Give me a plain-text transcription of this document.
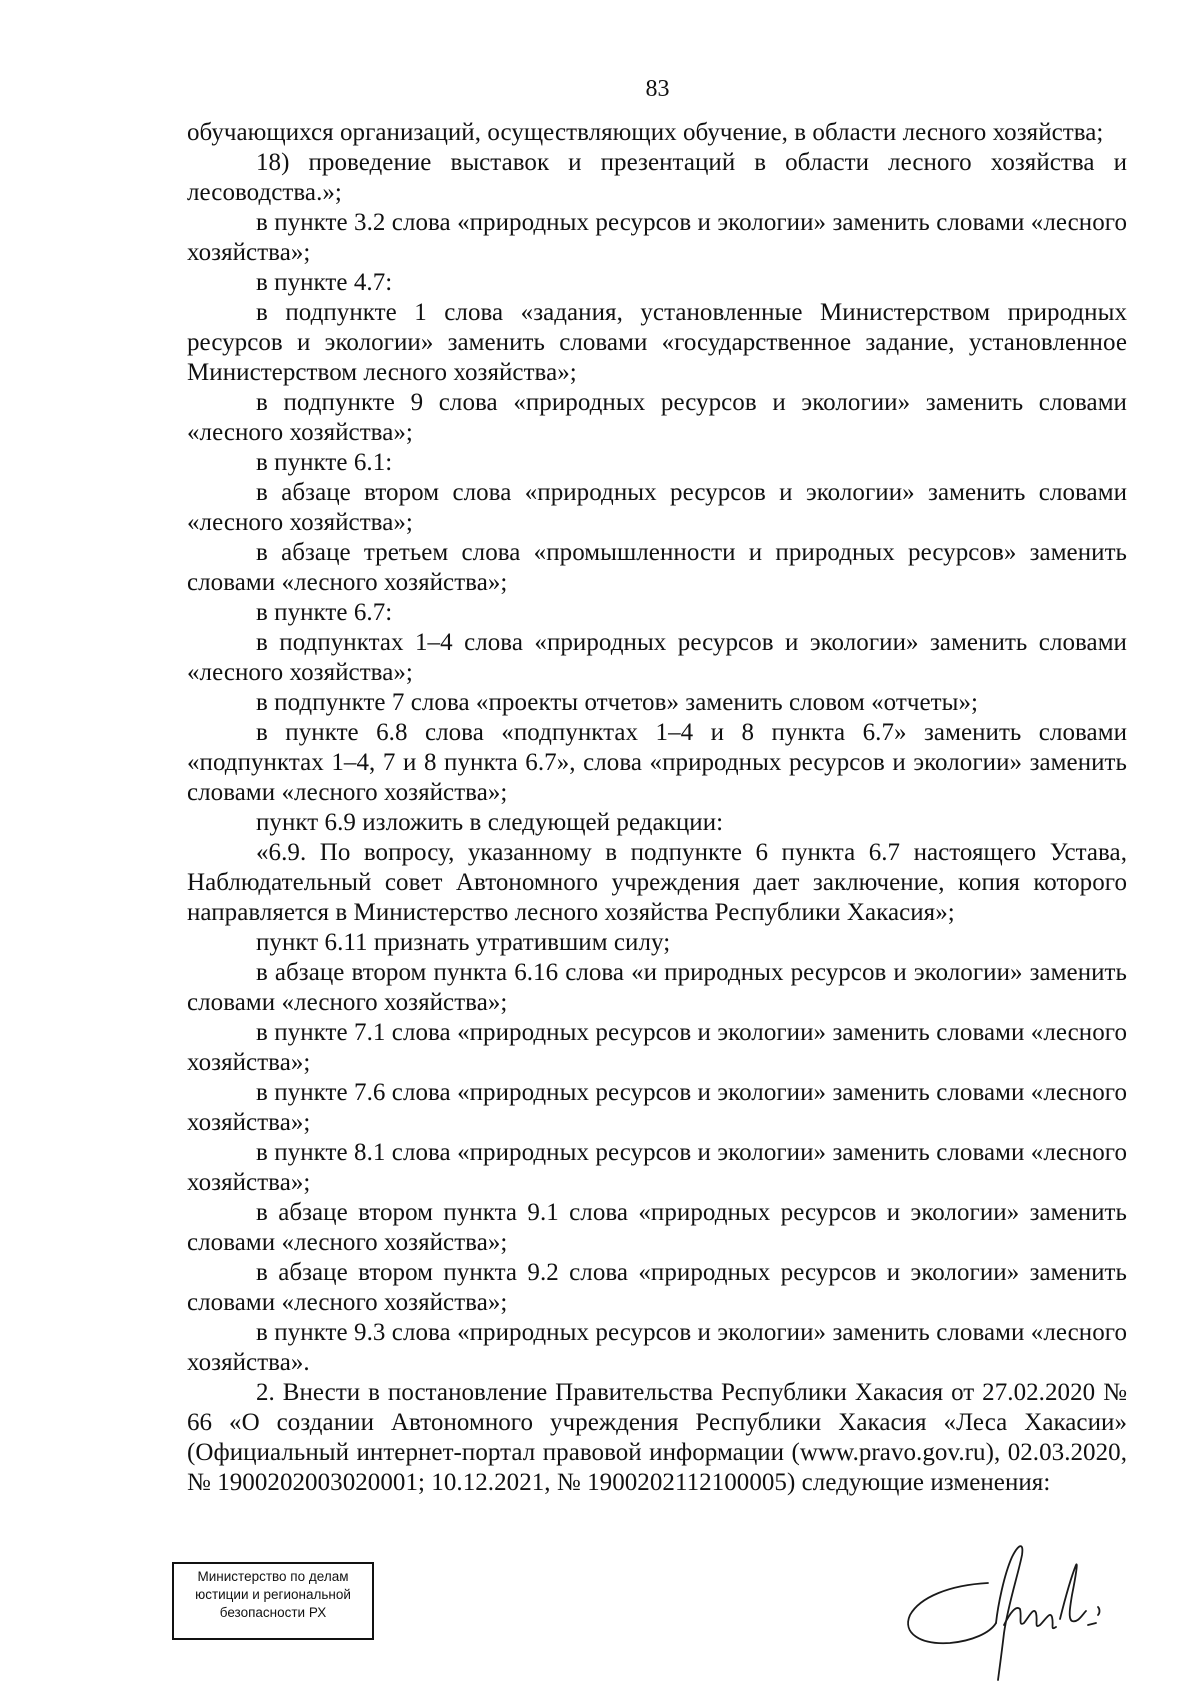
83

обучающихся организаций, осуществляющих обучение, в области лесного хозяйства;

18) проведение выставок и презентаций в области лесного хозяйства и лесоводства.»;

в пункте 3.2 слова «природных ресурсов и экологии» заменить словами «лесного хозяйства»;

в пункте 4.7:

в подпункте 1 слова «задания, установленные Министерством природных ресурсов и экологии» заменить словами «государственное задание, установленное Министерством лесного хозяйства»;

в подпункте 9 слова «природных ресурсов и экологии» заменить словами «лесного хозяйства»;

в пункте 6.1:

в абзаце втором слова «природных ресурсов и экологии» заменить словами «лесного хозяйства»;

в абзаце третьем слова «промышленности и природных ресурсов» заменить словами «лесного хозяйства»;

в пункте 6.7:

в подпунктах 1–4 слова «природных ресурсов и экологии» заменить словами «лесного хозяйства»;

в подпункте 7 слова «проекты отчетов» заменить словом «отчеты»;

в пункте 6.8 слова «подпунктах 1–4 и 8 пункта 6.7» заменить словами «подпунктах 1–4, 7 и 8 пункта 6.7», слова «природных ресурсов и экологии» заменить словами «лесного хозяйства»;

пункт 6.9 изложить в следующей редакции:

«6.9. По вопросу, указанному в подпункте 6 пункта 6.7 настоящего Устава, Наблюдательный совет Автономного учреждения дает заключение, копия которого направляется в Министерство лесного хозяйства Республики Хакасия»;

пункт 6.11 признать утратившим силу;

в абзаце втором пункта 6.16 слова «и природных ресурсов и экологии» заменить словами «лесного хозяйства»;

в пункте 7.1 слова «природных ресурсов и экологии» заменить словами «лесного хозяйства»;

в пункте 7.6 слова «природных ресурсов и экологии» заменить словами «лесного хозяйства»;

в пункте 8.1 слова «природных ресурсов и экологии» заменить словами «лесного хозяйства»;

в абзаце втором пункта 9.1 слова «природных ресурсов и экологии» заменить словами «лесного хозяйства»;

в абзаце втором пункта 9.2 слова «природных ресурсов и экологии» заменить словами «лесного хозяйства»;

в пункте 9.3 слова «природных ресурсов и экологии» заменить словами «лесного хозяйства».

2. Внести в постановление Правительства Республики Хакасия от 27.02.2020 № 66 «О создании Автономного учреждения Республики Хакасия «Леса Хакасии» (Официальный интернет-портал правовой информации (www.pravo.gov.ru), 02.03.2020, № 1900202003020001; 10.12.2021, № 1900202112100005) следующие изменения:

Министерство по делам
юстиции и региональной
безопасности РХ
